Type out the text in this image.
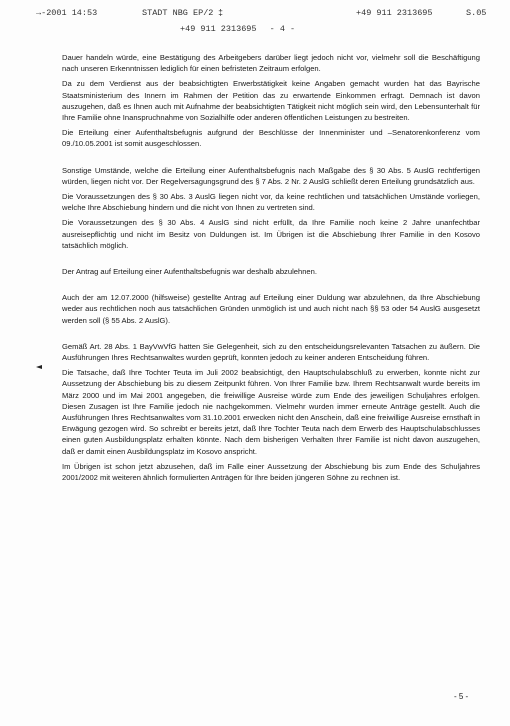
→-2001 14:53	STADT NBG EP/2 ‡	+49 911 2313695	S.05
+49 911 2313695 - 4 -

Dauer handeln würde, eine Bestätigung des Arbeitgebers darüber liegt jedoch nicht vor, vielmehr soll die Beschäftigung nach unseren Erkenntnissen lediglich für einen befristeten Zeitraum erfolgen.

Da zu dem Verdienst aus der beabsichtigten Erwerbstätigkeit keine Angaben gemacht wurden hat das Bayrische Staatsministerium des Innern im Rahmen der Petition das zu erwartende Einkommen erfragt. Demnach ist davon auszugehen, daß es Ihnen auch mit Aufnahme der beabsichtigten Tätigkeit nicht möglich sein wird, den Lebensunterhalt für Ihre Familie ohne Inanspruchnahme von Sozialhilfe oder anderen öffentlichen Leistungen zu bestreiten.

Die Erteilung einer Aufenthaltsbefugnis aufgrund der Beschlüsse der Innenminister und –Senatorenkonferenz vom 09./10.05.2001 ist somit ausgeschlossen.

Sonstige Umstände, welche die Erteilung einer Aufenthaltsbefugnis nach Maßgabe des § 30 Abs. 5 AuslG rechtfertigen würden, liegen nicht vor. Der Regelversagungsgrund des § 7 Abs. 2 Nr. 2 AuslG schließt deren Erteilung grundsätzlich aus.

Die Voraussetzungen des § 30 Abs. 3 AuslG liegen nicht vor, da keine rechtlichen und tatsächlichen Umstände vorliegen, welche Ihre Abschiebung hindern und die nicht von Ihnen zu vertreten sind.

Die Voraussetzungen des § 30 Abs. 4 AuslG sind nicht erfüllt, da Ihre Familie noch keine 2 Jahre unanfechtbar ausreisepflichtig und nicht im Besitz von Duldungen ist. Im Übrigen ist die Abschiebung Ihrer Familie in den Kosovo tatsächlich möglich.

Der Antrag auf Erteilung einer Aufenthaltsbefugnis war deshalb abzulehnen.

Auch der am 12.07.2000 (hilfsweise) gestellte Antrag auf Erteilung einer Duldung war abzulehnen, da Ihre Abschiebung weder aus rechtlichen noch aus tatsächlichen Gründen unmöglich ist und auch nicht nach §§ 53 oder 54 AuslG ausgesetzt werden soll (§ 55 Abs. 2 AuslG).

Gemäß Art. 28 Abs. 1 BayVwVfG hatten Sie Gelegenheit, sich zu den entscheidungsrelevanten Tatsachen zu äußern. Die Ausführungen Ihres Rechtsanwaltes wurden geprüft, konnten jedoch zu keiner anderen Entscheidung führen.

Die Tatsache, daß Ihre Tochter Teuta im Juli 2002 beabsichtigt, den Hauptschulabschluß zu erwerben, konnte nicht zur Aussetzung der Abschiebung bis zu diesem Zeitpunkt führen. Von Ihrer Familie bzw. Ihrem Rechtsanwalt wurde bereits im März 2000 und im Mai 2001 angegeben, die freiwillige Ausreise würde zum Ende des jeweiligen Schuljahres erfolgen. Diesen Zusagen ist Ihre Familie jedoch nie nachgekommen. Vielmehr wurden immer erneute Anträge gestellt. Auch die Ausführungen Ihres Rechtsanwaltes vom 31.10.2001 erwecken nicht den Anschein, daß eine freiwillige Ausreise ernsthaft in Erwägung gezogen wird. So schreibt er bereits jetzt, daß Ihre Tochter Teuta nach dem Erwerb des Hauptschulabschlusses einen guten Ausbildungsplatz erhalten könnte. Nach dem bisherigen Verhalten Ihrer Familie ist nicht davon auszugehen, daß er damit einen Ausbildungsplatz im Kosovo anspricht.

Im Übrigen ist schon jetzt abzusehen, daß im Falle einer Aussetzung der Abschiebung bis zum Ende des Schuljahres 2001/2002 mit weiteren ähnlich formulierten Anträgen für Ihre beiden jüngeren Söhne zu rechnen ist.

- 5 -
